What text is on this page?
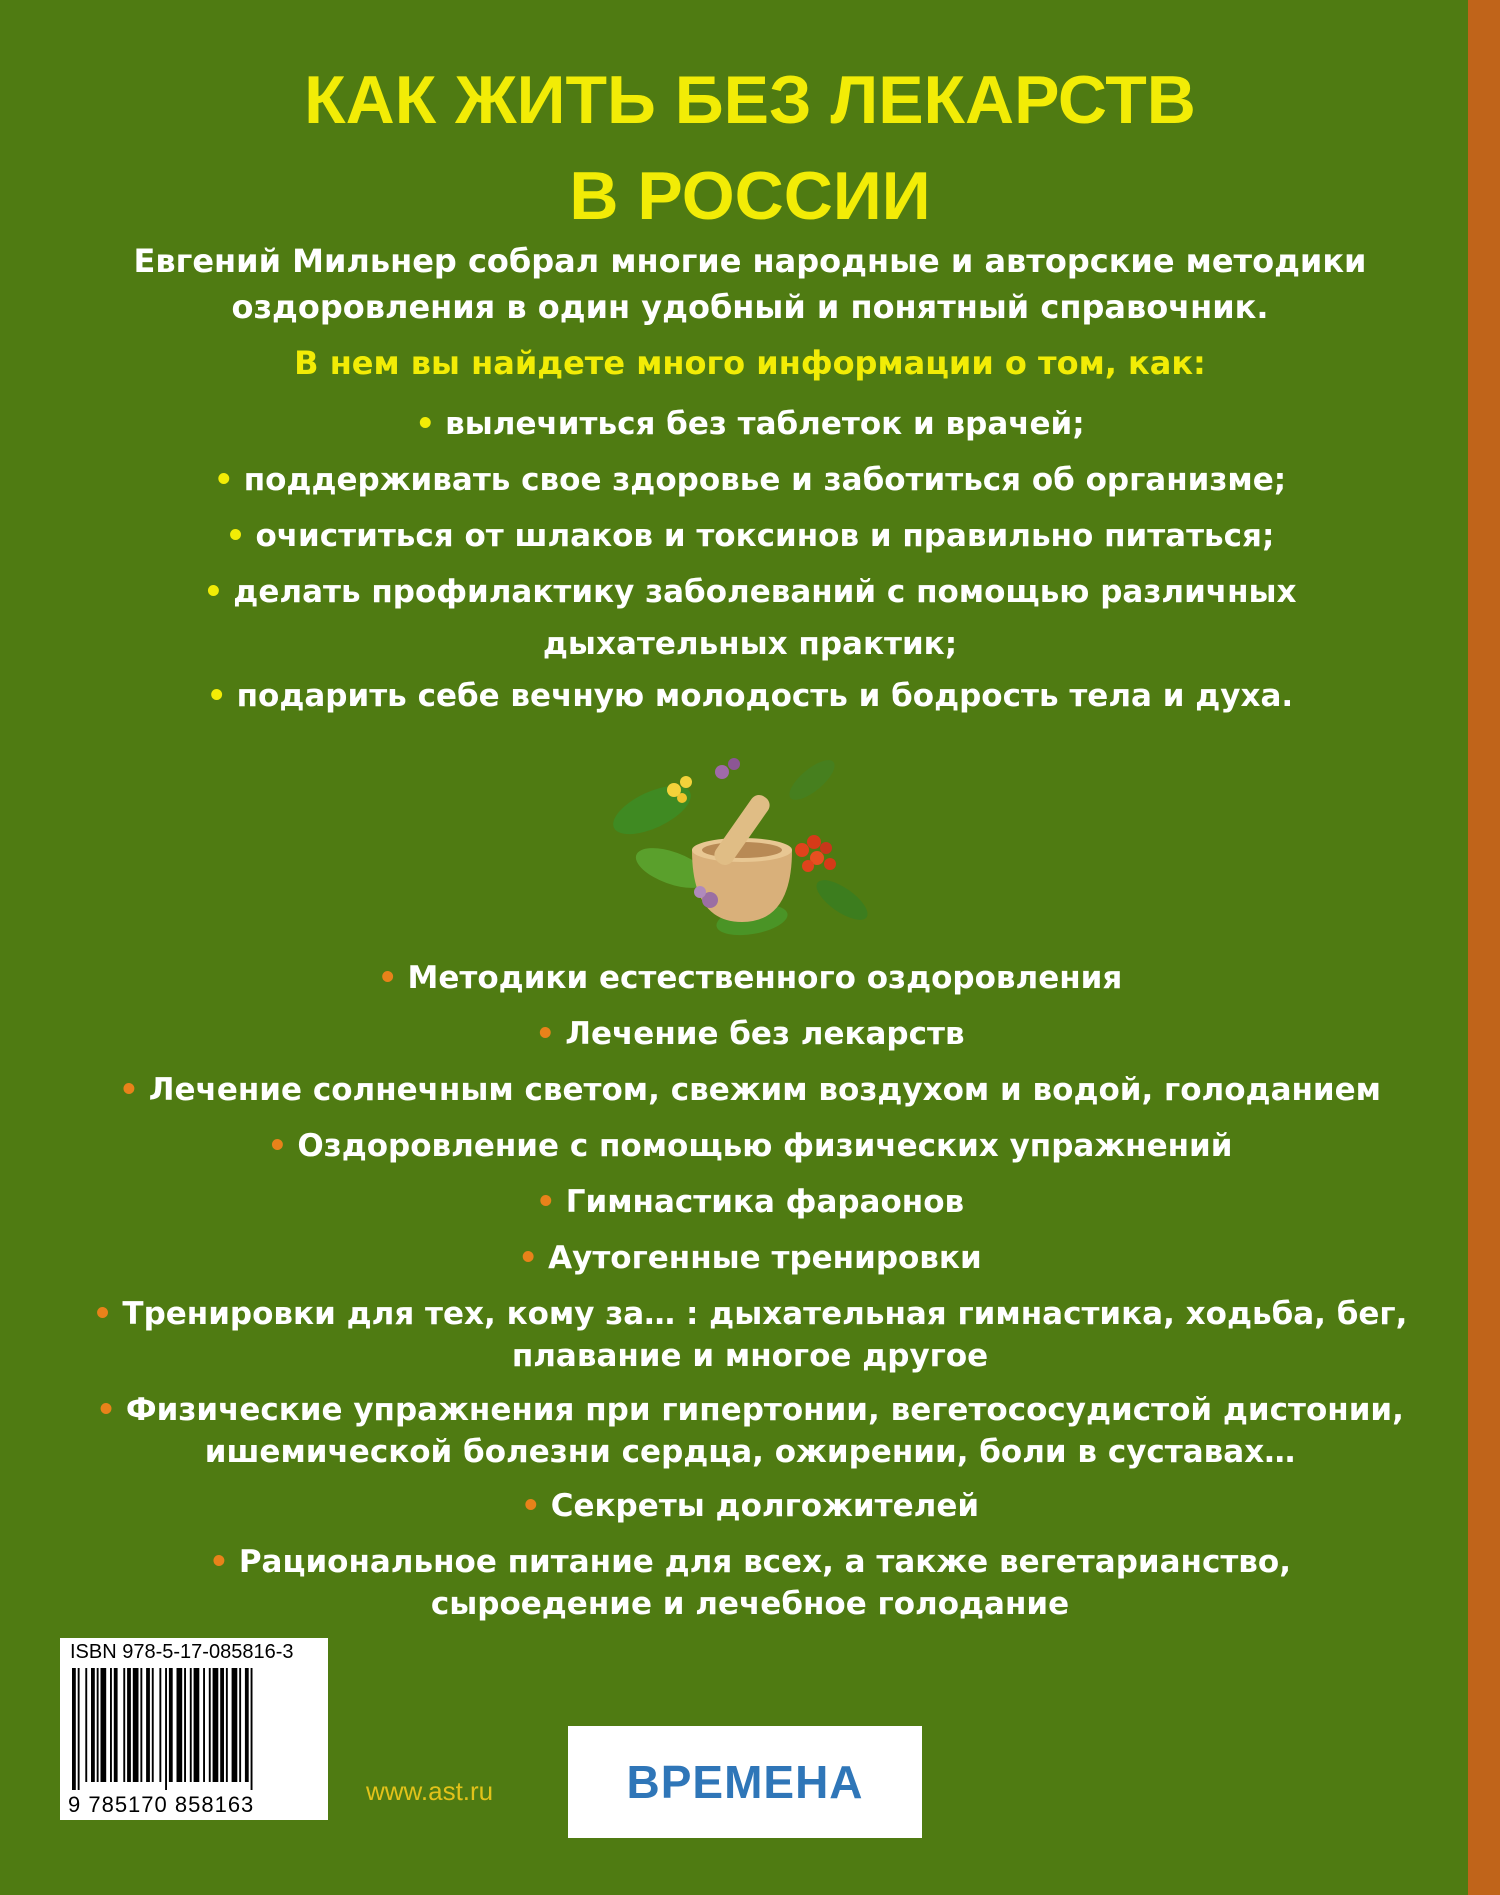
КАК ЖИТЬ БЕЗ ЛЕКАРСТВ
В РОССИИ
Евгений Мильнер собрал многие народные и авторские методики
оздоровления в один удобный и понятный справочник.
В нем вы найдете много информации о том, как:
• вылечиться без таблеток и врачей;
• поддерживать свое здоровье и заботиться об организме;
• очиститься от шлаков и токсинов и правильно питаться;
• делать профилактику заболеваний с помощью различных
дыхательных практик;
• подарить себе вечную молодость и бодрость тела и духа.
• Методики естественного оздоровления
• Лечение без лекарств
• Лечение солнечным светом, свежим воздухом и водой, голоданием
• Оздоровление с помощью физических упражнений
• Гимнастика фараонов
• Аутогенные тренировки
• Тренировки для тех, кому за… : дыхательная гимнастика, ходьба, бег,
плавание и многое другое
• Физические упражнения при гипертонии, вегетососудистой дистонии,
ишемической болезни сердца, ожирении, боли в суставах…
• Секреты долгожителей
• Рациональное питание для всех, а также вегетарианство,
сыроедение и лечебное голодание
ISBN 978-5-17-085816-3
9 785170 858163	www.ast.ru	ВРЕМЕНА
